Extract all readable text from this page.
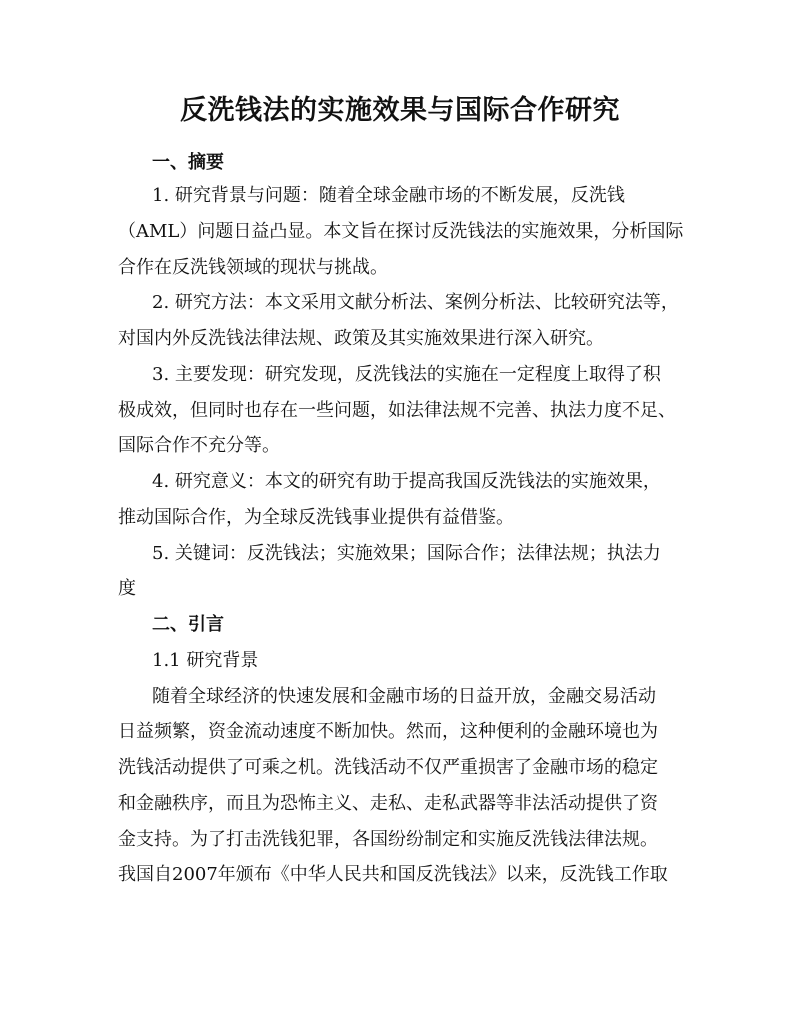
反洗钱法的实施效果与国际合作研究
一、摘要
1. 研究背景与问题：随着全球金融市场的不断发展，反洗钱
（AML）问题日益凸显。本文旨在探讨反洗钱法的实施效果，分析国际
合作在反洗钱领域的现状与挑战。
2. 研究方法：本文采用文献分析法、案例分析法、比较研究法等，
对国内外反洗钱法律法规、政策及其实施效果进行深入研究。
3. 主要发现：研究发现，反洗钱法的实施在一定程度上取得了积
极成效，但同时也存在一些问题，如法律法规不完善、执法力度不足、
国际合作不充分等。
4. 研究意义：本文的研究有助于提高我国反洗钱法的实施效果，
推动国际合作，为全球反洗钱事业提供有益借鉴。
5. 关键词：反洗钱法；实施效果；国际合作；法律法规；执法力
度
二、引言
1.1 研究背景
随着全球经济的快速发展和金融市场的日益开放，金融交易活动
日益频繁，资金流动速度不断加快。然而，这种便利的金融环境也为
洗钱活动提供了可乘之机。洗钱活动不仅严重损害了金融市场的稳定
和金融秩序，而且为恐怖主义、走私、走私武器等非法活动提供了资
金支持。为了打击洗钱犯罪，各国纷纷制定和实施反洗钱法律法规。
我国自2007年颁布《中华人民共和国反洗钱法》以来，反洗钱工作取
